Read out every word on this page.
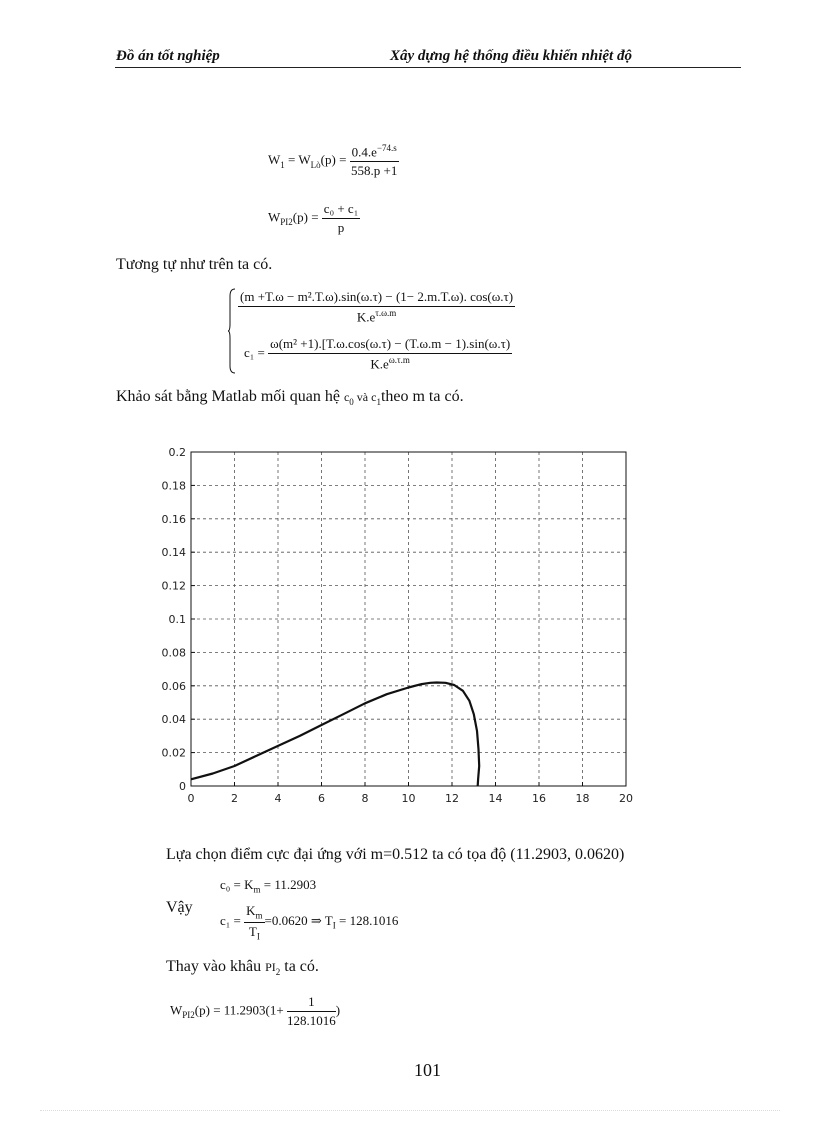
Đồ án tốt nghiệp	Xây dựng hệ thống điều khiển nhiệt độ
$W_1 = W_{Lò}(p) = \frac{0.4.e^{-74.s}}{558.p +1}$
$W_{PI2}(p) = \frac{\text{c₀ + c₁}}{p}$
Tương tự như trên ta có.
$\frac{\text{(m +T.ω − m².T.ω).sin(ω.τ) − (1− 2.m.T.ω). cos(ω.τ)}}{K.e^{\tau.\omega.m}}$
$c_1 = \frac{\text{ω(m² +1).[T.ω.cos(ω.τ) − (T.ω.m − 1).sin(ω.τ)}}{K.e^{\omega.\tau.m}}$
Khảo sát bằng Matlab mối quan hệ $c_0$ và $c_1theo$ m ta có.
0	2	4	6	8	10	12	14	16	18	20
0
0.02
0.04
0.06
0.08
0.1
0.12
0.14
0.16
0.18
0.2
Lựa chọn điểm cực đại ứng với m=0.512 ta có tọa độ (11.2903, 0.0620)
Vậy
$c_0 = K_m = 11.2903$
$c_1 = \frac{K_m}{T_I} =0.0620$ ⇒ $T_I = 128.1016$
Thay vào khâu $PI_2$ ta có.
$W_{PI2}(p) = 11.2903(1+ \frac{1}{128.1016}$ )
101
